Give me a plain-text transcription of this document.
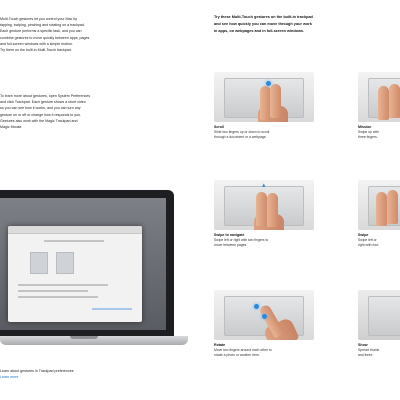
Multi-Touch gestures let you control your Mac by

tapping, swiping, pinching and rotating on a trackpad.

Each gesture performs a specific task, and you can

combine gestures to move quickly between apps, pages

and full-screen windows with a simple motion.

Try them on the built-in Multi-Touch trackpad.

To learn more about gestures, open System Preferences

and click Trackpad. Each gesture shows a short video

so you can see how it works, and you can turn any

gesture on or off or change how it responds to you.

Gestures also work with the Magic Trackpad and

Magic Mouse.

Learn about gestures in Trackpad preferences
Learn more

Try these Multi-Touch gestures on the built-in trackpad

and see how quickly you can move through your work

in apps, on webpages and in full-screen windows.

Scroll

Slide two fingers up or down to scroll

through a document or a webpage.

▴
Swipe to navigate

Swipe left or right with two fingers to

move between pages.

Rotate

Move two fingers around each other to

rotate a photo or another item.

Mission

Swipe up with

three fingers.

Swipe

Swipe left or

right with four.

Show

Spread thumb

and three.
